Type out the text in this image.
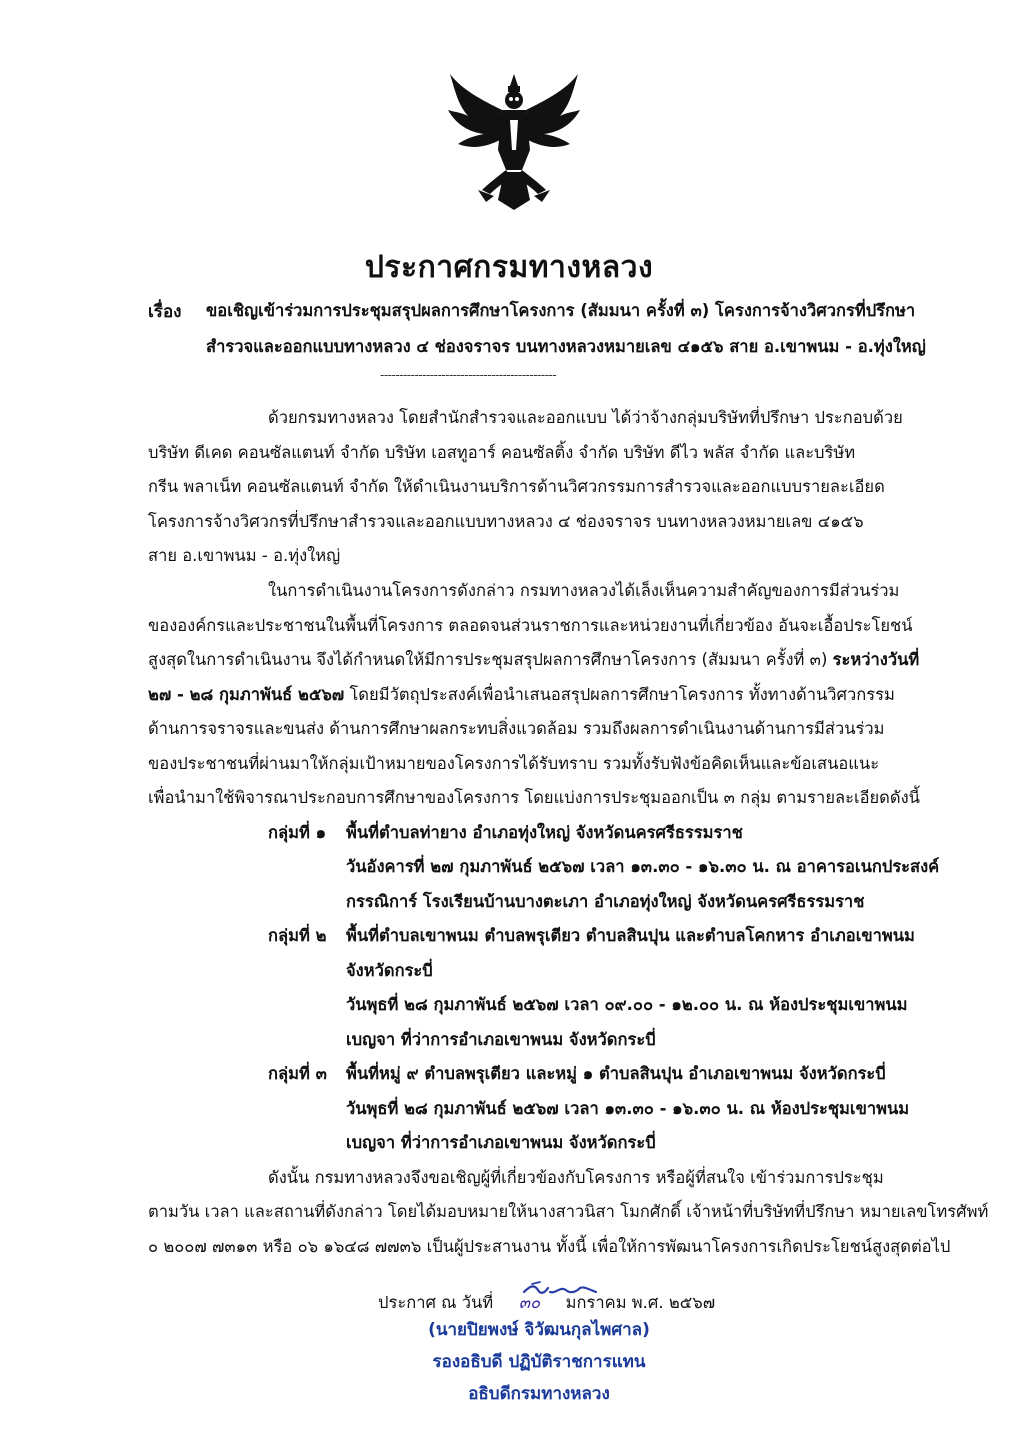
ประกาศกรมทางหลวง
เรื่อง ขอเชิญเข้าร่วมการประชุมสรุปผลการศึกษาโครงการ (สัมมนา ครั้งที่ ๓) โครงการจ้างวิศวกรที่ปรึกษา
สำรวจและออกแบบทางหลวง ๔ ช่องจราจร บนทางหลวงหมายเลข ๔๑๕๖ สาย อ.เขาพนม - อ.ทุ่งใหญ่
----------------------------------------------
ด้วยกรมทางหลวง โดยสำนักสำรวจและออกแบบ ได้ว่าจ้างกลุ่มบริษัทที่ปรึกษา ประกอบด้วย
บริษัท ดีเคด คอนซัลแตนท์ จำกัด บริษัท เอสทูอาร์ คอนซัลติ้ง จำกัด บริษัท ดีไว พลัส จำกัด และบริษัท
กรีน พลาเน็ท คอนซัลแตนท์ จำกัด ให้ดำเนินงานบริการด้านวิศวกรรมการสำรวจและออกแบบรายละเอียด
โครงการจ้างวิศวกรที่ปรึกษาสำรวจและออกแบบทางหลวง ๔ ช่องจราจร บนทางหลวงหมายเลข ๔๑๕๖
สาย อ.เขาพนม - อ.ทุ่งใหญ่
ในการดำเนินงานโครงการดังกล่าว กรมทางหลวงได้เล็งเห็นความสำคัญของการมีส่วนร่วม
ขององค์กรและประชาชนในพื้นที่โครงการ ตลอดจนส่วนราชการและหน่วยงานที่เกี่ยวข้อง อันจะเอื้อประโยชน์
สูงสุดในการดำเนินงาน จึงได้กำหนดให้มีการประชุมสรุปผลการศึกษาโครงการ (สัมมนา ครั้งที่ ๓) ระหว่างวันที่
๒๗ - ๒๘ กุมภาพันธ์ ๒๕๖๗ โดยมีวัตถุประสงค์เพื่อนำเสนอสรุปผลการศึกษาโครงการ ทั้งทางด้านวิศวกรรม
ด้านการจราจรและขนส่ง ด้านการศึกษาผลกระทบสิ่งแวดล้อม รวมถึงผลการดำเนินงานด้านการมีส่วนร่วม
ของประชาชนที่ผ่านมาให้กลุ่มเป้าหมายของโครงการได้รับทราบ รวมทั้งรับฟังข้อคิดเห็นและข้อเสนอแนะ
เพื่อนำมาใช้พิจารณาประกอบการศึกษาของโครงการ โดยแบ่งการประชุมออกเป็น ๓ กลุ่ม ตามรายละเอียดดังนี้
กลุ่มที่ ๑ พื้นที่ตำบลท่ายาง อำเภอทุ่งใหญ่ จังหวัดนครศรีธรรมราช
วันอังคารที่ ๒๗ กุมภาพันธ์ ๒๕๖๗ เวลา ๑๓.๓๐ - ๑๖.๓๐ น. ณ อาคารอเนกประสงค์
กรรณิการ์ โรงเรียนบ้านบางตะเภา อำเภอทุ่งใหญ่ จังหวัดนครศรีธรรมราช
กลุ่มที่ ๒ พื้นที่ตำบลเขาพนม ตำบลพรุเตียว ตำบลสินปุน และตำบลโคกหาร อำเภอเขาพนม
จังหวัดกระบี่
วันพุธที่ ๒๘ กุมภาพันธ์ ๒๕๖๗ เวลา ๐๙.๐๐ - ๑๒.๐๐ น. ณ ห้องประชุมเขาพนม
เบญจา ที่ว่าการอำเภอเขาพนม จังหวัดกระบี่
กลุ่มที่ ๓ พื้นที่หมู่ ๙ ตำบลพรุเตียว และหมู่ ๑ ตำบลสินปุน อำเภอเขาพนม จังหวัดกระบี่
วันพุธที่ ๒๘ กุมภาพันธ์ ๒๕๖๗ เวลา ๑๓.๓๐ - ๑๖.๓๐ น. ณ ห้องประชุมเขาพนม
เบญจา ที่ว่าการอำเภอเขาพนม จังหวัดกระบี่
ดังนั้น กรมทางหลวงจึงขอเชิญผู้ที่เกี่ยวข้องกับโครงการ หรือผู้ที่สนใจ เข้าร่วมการประชุม
ตามวัน เวลา และสถานที่ดังกล่าว โดยได้มอบหมายให้นางสาวนิสา โมกศักดิ์ เจ้าหน้าที่บริษัทที่ปรึกษา หมายเลขโทรศัพท์
๐ ๒๐๐๗ ๗๓๑๓ หรือ ๐๖ ๑๖๔๘ ๗๗๓๖ เป็นผู้ประสานงาน ทั้งนี้ เพื่อให้การพัฒนาโครงการเกิดประโยชน์สูงสุดต่อไป
ประกาศ ณ วันที่ ๓๐ มกราคม พ.ศ. ๒๕๖๗
(นายปิยพงษ์ จิวัฒนกุลไพศาล)
รองอธิบดี ปฏิบัติราชการแทน
อธิบดีกรมทางหลวง
